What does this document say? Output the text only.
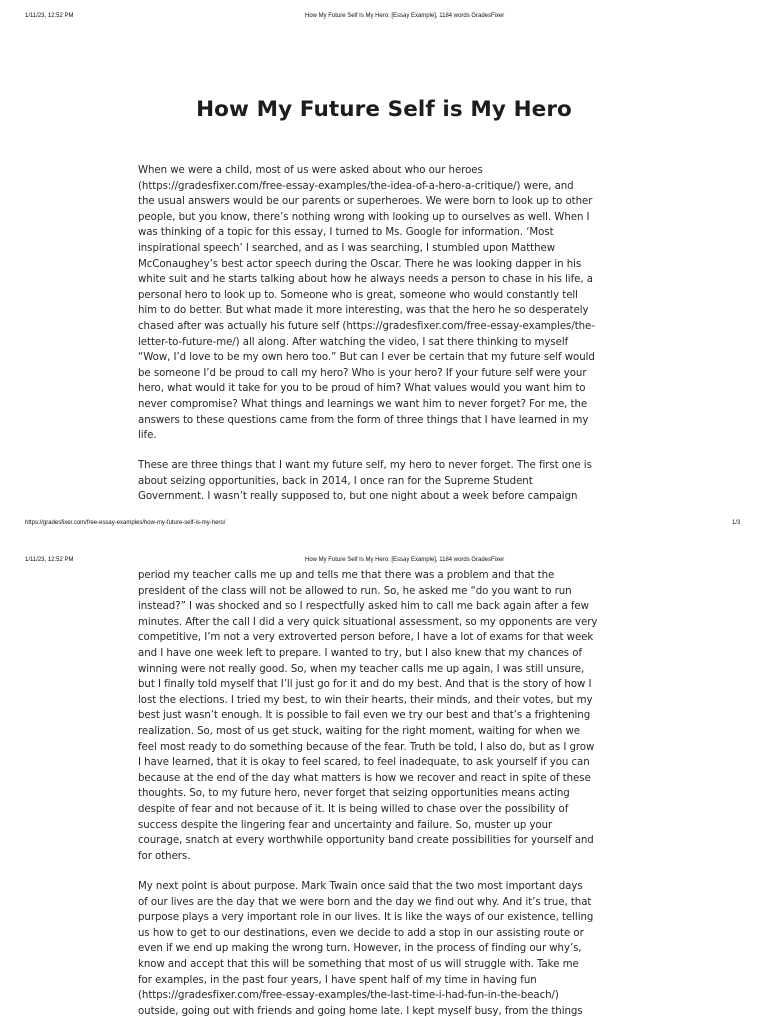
1/11/23, 12:52 PM	How My Future Self Is My Hero: [Essay Example], 1184 words GradesFixer
How My Future Self is My Hero

When we were a child, most of us were asked about who our heroes
(https://gradesfixer.com/free-essay-examples/the-idea-of-a-hero-a-critique/) were, and
the usual answers would be our parents or superheroes. We were born to look up to other
people, but you know, there’s nothing wrong with looking up to ourselves as well. When I
was thinking of a topic for this essay, I turned to Ms. Google for information. ‘Most
inspirational speech’ I searched, and as I was searching, I stumbled upon Matthew
McConaughey’s best actor speech during the Oscar. There he was looking dapper in his
white suit and he starts talking about how he always needs a person to chase in his life, a
personal hero to look up to. Someone who is great, someone who would constantly tell
him to do better. But what made it more interesting, was that the hero he so desperately
chased after was actually his future self (https://gradesfixer.com/free-essay-examples/the-
letter-to-future-me/) all along. After watching the video, I sat there thinking to myself
“Wow, I’d love to be my own hero too.” But can I ever be certain that my future self would
be someone I’d be proud to call my hero? Who is your hero? If your future self were your
hero, what would it take for you to be proud of him? What values would you want him to
never compromise? What things and learnings we want him to never forget? For me, the
answers to these questions came from the form of three things that I have learned in my
life.

These are three things that I want my future self, my hero to never forget. The first one is
about seizing opportunities, back in 2014, I once ran for the Supreme Student
Government. I wasn’t really supposed to, but one night about a week before campaign

https://gradesfixer.com/free-essay-examples/how-my-future-self-is-my-hero/	1/3
1/11/23, 12:52 PM	How My Future Self Is My Hero: [Essay Example], 1184 words GradesFixer

period my teacher calls me up and tells me that there was a problem and that the
president of the class will not be allowed to run. So, he asked me “do you want to run
instead?” I was shocked and so I respectfully asked him to call me back again after a few
minutes. After the call I did a very quick situational assessment, so my opponents are very
competitive, I’m not a very extroverted person before, I have a lot of exams for that week
and I have one week left to prepare. I wanted to try, but I also knew that my chances of
winning were not really good. So, when my teacher calls me up again, I was still unsure,
but I finally told myself that I’ll just go for it and do my best. And that is the story of how I
lost the elections. I tried my best, to win their hearts, their minds, and their votes, but my
best just wasn’t enough. It is possible to fail even we try our best and that’s a frightening
realization. So, most of us get stuck, waiting for the right moment, waiting for when we
feel most ready to do something because of the fear. Truth be told, I also do, but as I grow
I have learned, that it is okay to feel scared, to feel inadequate, to ask yourself if you can
because at the end of the day what matters is how we recover and react in spite of these
thoughts. So, to my future hero, never forget that seizing opportunities means acting
despite of fear and not because of it. It is being willed to chase over the possibility of
success despite the lingering fear and uncertainty and failure. So, muster up your
courage, snatch at every worthwhile opportunity band create possibilities for yourself and
for others.

My next point is about purpose. Mark Twain once said that the two most important days
of our lives are the day that we were born and the day we find out why. And it’s true, that
purpose plays a very important role in our lives. It is like the ways of our existence, telling
us how to get to our destinations, even we decide to add a stop in our assisting route or
even if we end up making the wrong turn. However, in the process of finding our why’s,
know and accept that this will be something that most of us will struggle with. Take me
for examples, in the past four years, I have spent half of my time in having fun
(https://gradesfixer.com/free-essay-examples/the-last-time-i-had-fun-in-the-beach/)
outside, going out with friends and going home late. I kept myself busy, from the things
